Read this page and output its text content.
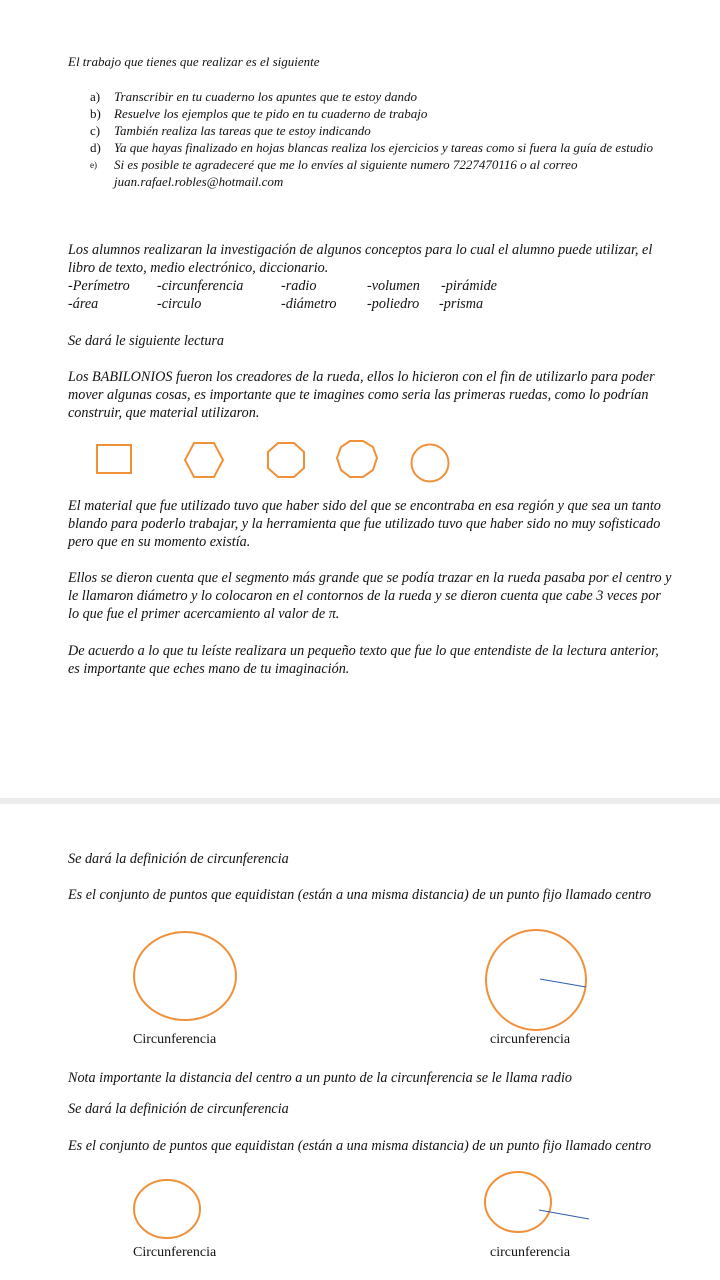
El trabajo que tienes que realizar es el siguiente

a) Transcribir en tu cuaderno los apuntes que te estoy dando
b) Resuelve los ejemplos que te pido en tu cuaderno de trabajo
c) También realiza las tareas que te estoy indicando
d) Ya que hayas finalizado en hojas blancas realiza los ejercicios y tareas como si fuera la guía de estudio
e) Si es posible te agradeceré que me lo envíes al siguiente numero 7227470116 o al correo juan.rafael.robles@hotmail.com

Los alumnos realizaran la investigación de algunos conceptos para lo cual el alumno puede utilizar, el libro de texto, medio electrónico, diccionario.

-Perímetro -circunferencia	-radio	-volumen -pirámide
-área	-circulo	-diámetro -poliedro -prisma

Se dará le siguiente lectura

Los BABILONIOS fueron los creadores de la rueda, ellos lo hicieron con el fin de utilizarlo para poder mover algunas cosas, es importante que te imagines como seria las primeras ruedas, como lo podrían construir, que material utilizaron.

El material que fue utilizado tuvo que haber sido del que se encontraba en esa región y que sea un tanto blando para poderlo trabajar, y la herramienta que fue utilizado tuvo que haber sido no muy sofisticado pero que en su momento existía.

Ellos se dieron cuenta que el segmento más grande que se podía trazar en la rueda pasaba por el centro y le llamaron diámetro y lo colocaron en el contornos de la rueda y se dieron cuenta que cabe 3 veces por lo que fue el primer acercamiento al valor de π.

De acuerdo a lo que tu leíste realizara un pequeño texto que fue lo que entendiste de la lectura anterior, es importante que eches mano de tu imaginación.

Se dará la definición de circunferencia

Es el conjunto de puntos que equidistan (están a una misma distancia) de un punto fijo llamado centro

Circunferencia	circunferencia

Nota importante la distancia del centro a un punto de la circunferencia se le llama radio

Se dará la definición de circunferencia

Es el conjunto de puntos que equidistan (están a una misma distancia) de un punto fijo llamado centro

Circunferencia	circunferencia
